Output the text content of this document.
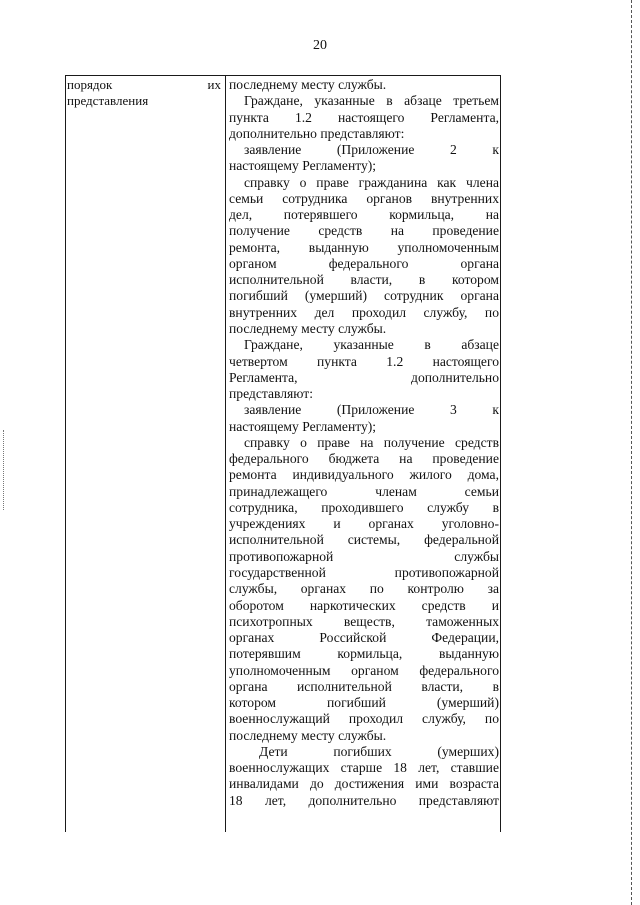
20
порядок	их
представления
последнему месту службы.
Граждане, указанные в абзаце третьем
пункта 1.2 настоящего Регламента,
дополнительно представляют:
заявление (Приложение 2 к
настоящему Регламенту);
справку о праве гражданина как члена
семьи сотрудника органов внутренних
дел, потерявшего кормильца, на
получение средств на проведение
ремонта, выданную уполномоченным
органом федерального органа
исполнительной власти, в котором
погибший (умерший) сотрудник органа
внутренних дел проходил службу, по
последнему месту службы.
Граждане, указанные в абзаце
четвертом пункта 1.2 настоящего
Регламента, дополнительно
представляют:
заявление (Приложение 3 к
настоящему Регламенту);
справку о праве на получение средств
федерального бюджета на проведение
ремонта индивидуального жилого дома,
принадлежащего членам семьи
сотрудника, проходившего службу в
учреждениях и органах уголовно-
исполнительной системы, федеральной
противопожарной службы
государственной противопожарной
службы, органах по контролю за
оборотом наркотических средств и
психотропных веществ, таможенных
органах Российской Федерации,
потерявшим кормильца, выданную
уполномоченным органом федерального
органа исполнительной власти, в
котором погибший (умерший)
военнослужащий проходил службу, по
последнему месту службы.
Дети погибших (умерших)
военнослужащих старше 18 лет, ставшие
инвалидами до достижения ими возраста
18 лет, дополнительно представляют
